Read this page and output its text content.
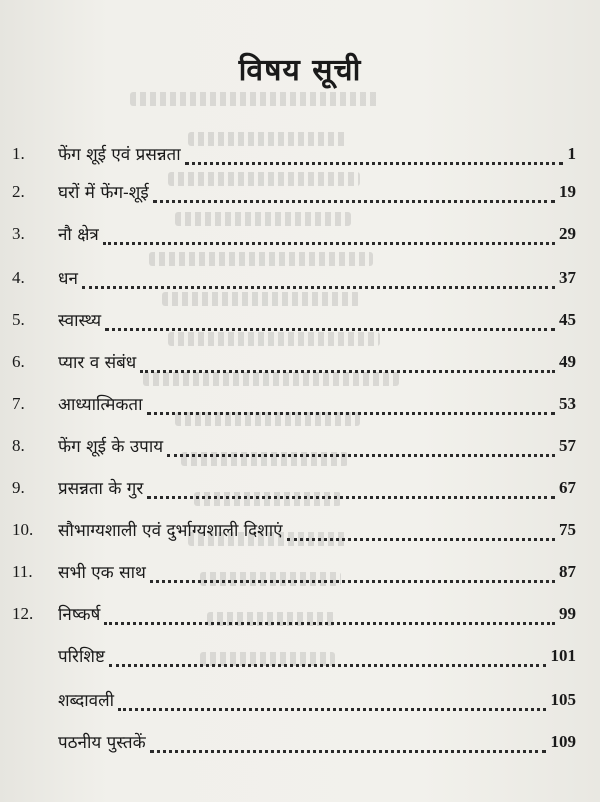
विषय सूची
1. फेंग शूई एवं प्रसन्नता	1
2. घरों में फेंग-शूई	19
3. नौ क्षेत्र	29
4. धन	37
5. स्वास्थ्य	45
6. प्यार व संबंध	49
7. आध्यात्मिकता	53
8. फेंग शूई के उपाय	57
9. प्रसन्नता के गुर	67
10. सौभाग्यशाली एवं दुर्भाग्यशाली दिशाएं	75
11. सभी एक साथ	87
12. निष्कर्ष	99
परिशिष्ट	101
शब्दावली	105
पठनीय पुस्तकें	109
